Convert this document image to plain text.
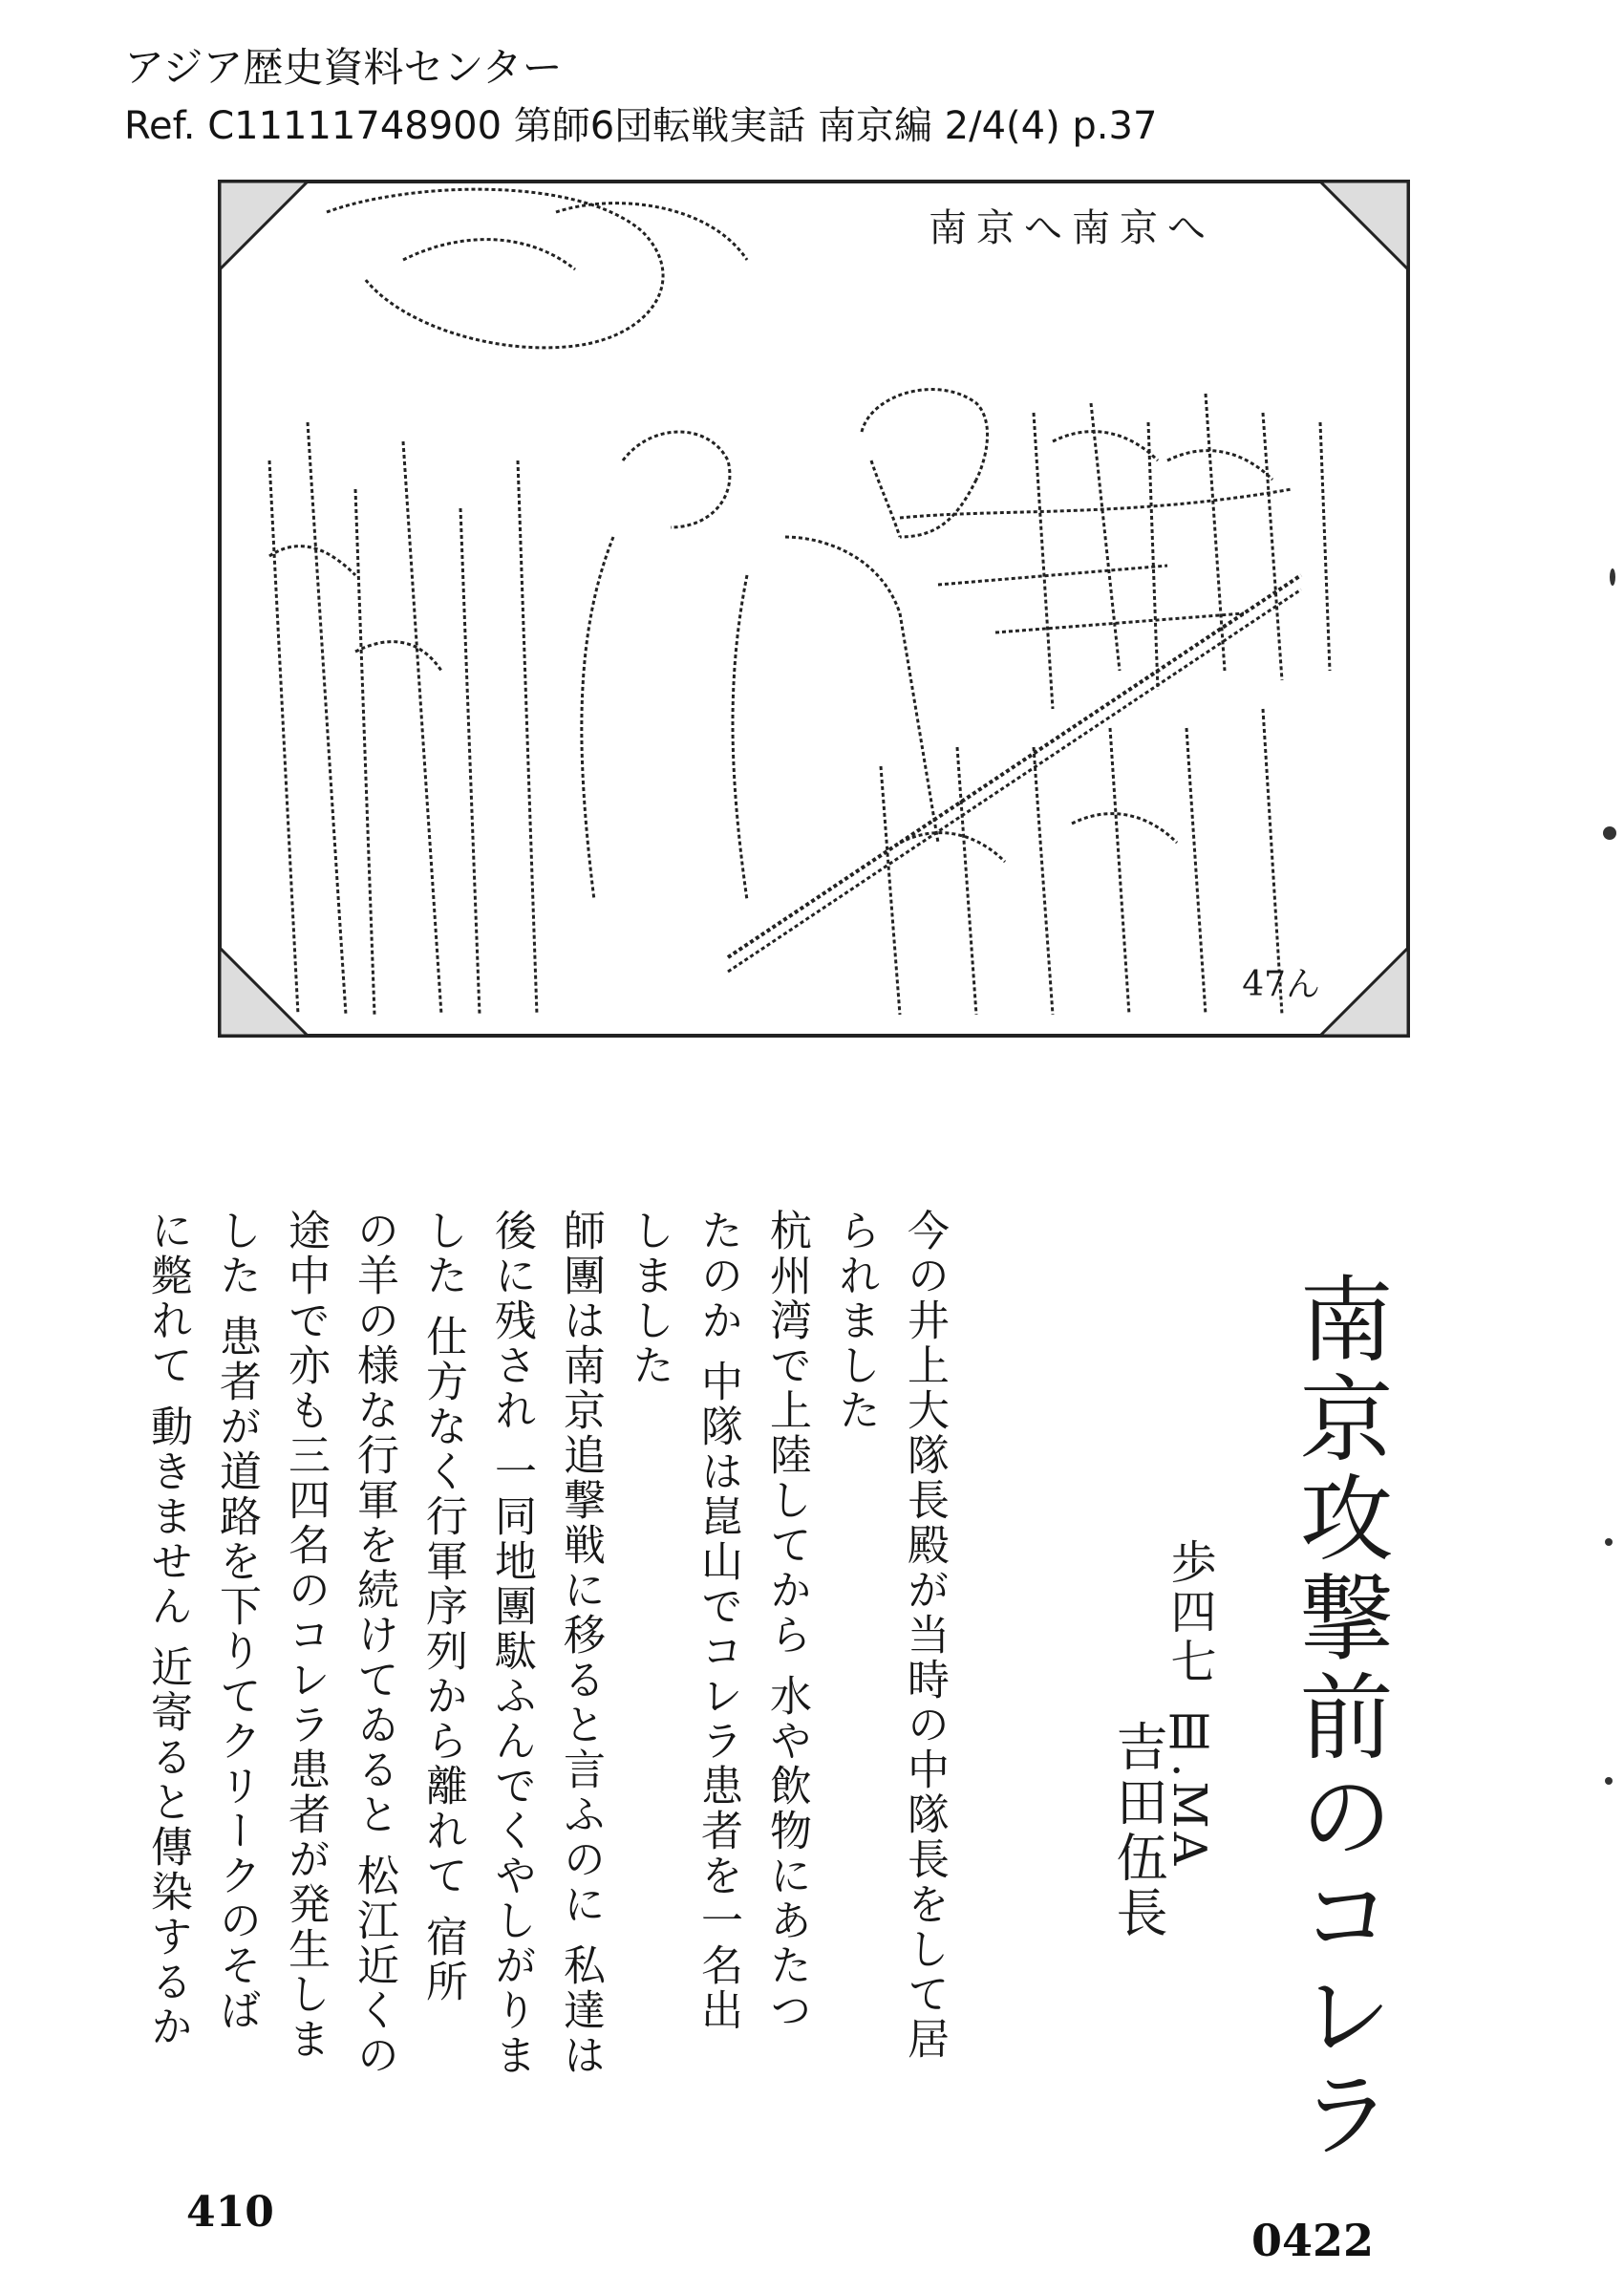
アジア歴史資料センター
Ref. C11111748900 第師6団転戦実話 南京編 2/4(4) p.37
南京へ南京へ
47ん
南京攻撃前のコレラ
歩四七 Ⅲ.MA
吉田伍長
今の井上大隊長殿が当時の中隊長をして居
られました
杭州湾で上陸してから 水や飲物にあたつ
たのか 中隊は崑山でコレラ患者を一名出
しました
師團は南京追撃戦に移ると言ふのに 私達は
後に残され 一同地團駄ふんでくやしがりま
した 仕方なく行軍序列から離れて 宿所
の羊の様な行軍を続けてゐると 松江近くの
途中で亦も三四名のコレラ患者が発生しま
した 患者が道路を下りてクリークのそば
に斃れて 動きません 近寄ると傳染するか
410
0422
